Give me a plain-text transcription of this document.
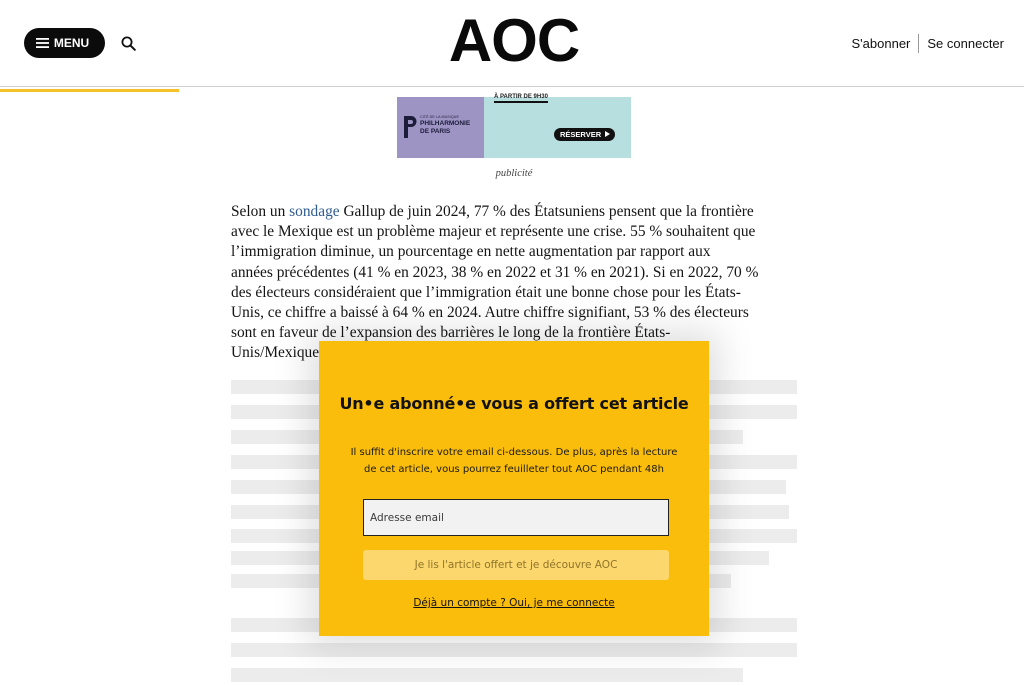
MENU	AOC	S'abonner Se connecter
CITÉ DE LA MUSIQUE
PHILHARMONIE
DE PARIS
À PARTIR DE 9H30
RÉSERVER
publicité
Selon un sondage Gallup de juin 2024, 77 % des Étatsuniens pensent que la frontière
avec le Mexique est un problème majeur et représente une crise. 55 % souhaitent que
l’immigration diminue, un pourcentage en nette augmentation par rapport aux
années précédentes (41 % en 2023, 38 % en 2022 et 31 % en 2021). Si en 2022, 70 %
des électeurs considéraient que l’immigration était une bonne chose pour les États-
Unis, ce chiffre a baissé à 64 % en 2024. Autre chiffre signifiant, 53 % des électeurs
sont en faveur de l’expansion des barrières le long de la frontière États-
Unis/Mexique
Un•e abonné•e vous a offert cet article
Il suffit d'inscrire votre email ci-dessous. De plus, après la lecture de cet article, vous pourrez feuilleter tout AOC pendant 48h
Adresse email
Je lis l'article offert et je découvre AOC
Déjà un compte ? Oui, je me connecte
